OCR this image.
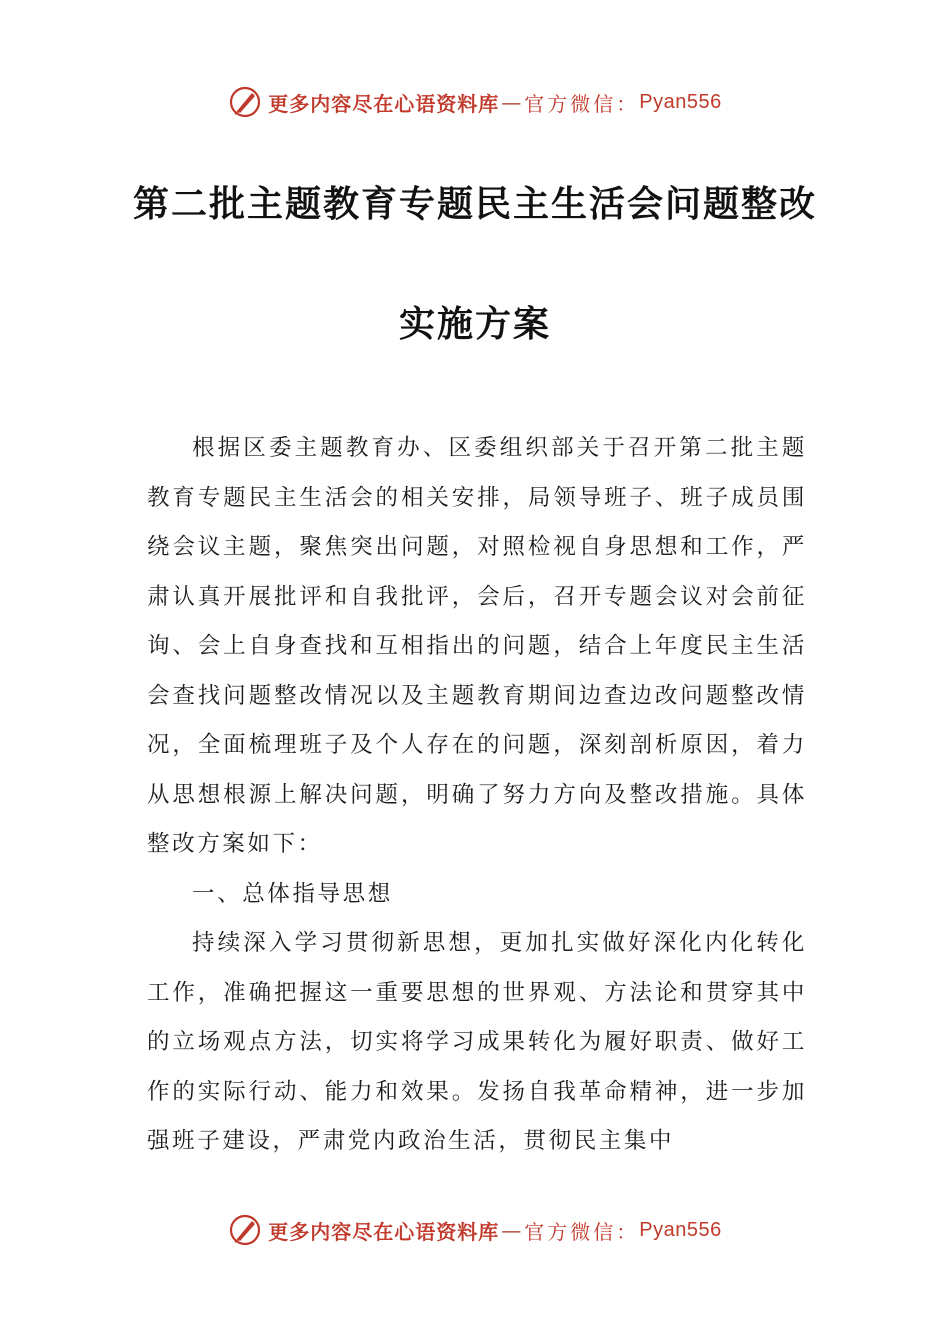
更多内容尽在心语资料库 — 官方微信： Pyan556
第二批主题教育专题民主生活会问题整改
实施方案

根据区委主题教育办、区委组织部关于召开第二批主题教育专题民主生活会的相关安排，局领导班子、班子成员围绕会议主题，聚焦突出问题，对照检视自身思想和工作，严肃认真开展批评和自我批评，会后，召开专题会议对会前征询、会上自身查找和互相指出的问题，结合上年度民主生活会查找问题整改情况以及主题教育期间边查边改问题整改情况，全面梳理班子及个人存在的问题，深刻剖析原因，着力从思想根源上解决问题，明确了努力方向及整改措施。具体整改方案如下：

一、总体指导思想

持续深入学习贯彻新思想，更加扎实做好深化内化转化工作，准确把握这一重要思想的世界观、方法论和贯穿其中的立场观点方法，切实将学习成果转化为履好职责、做好工作的实际行动、能力和效果。发扬自我革命精神，进一步加强班子建设，严肃党内政治生活，贯彻民主集中

更多内容尽在心语资料库 — 官方微信： Pyan556
